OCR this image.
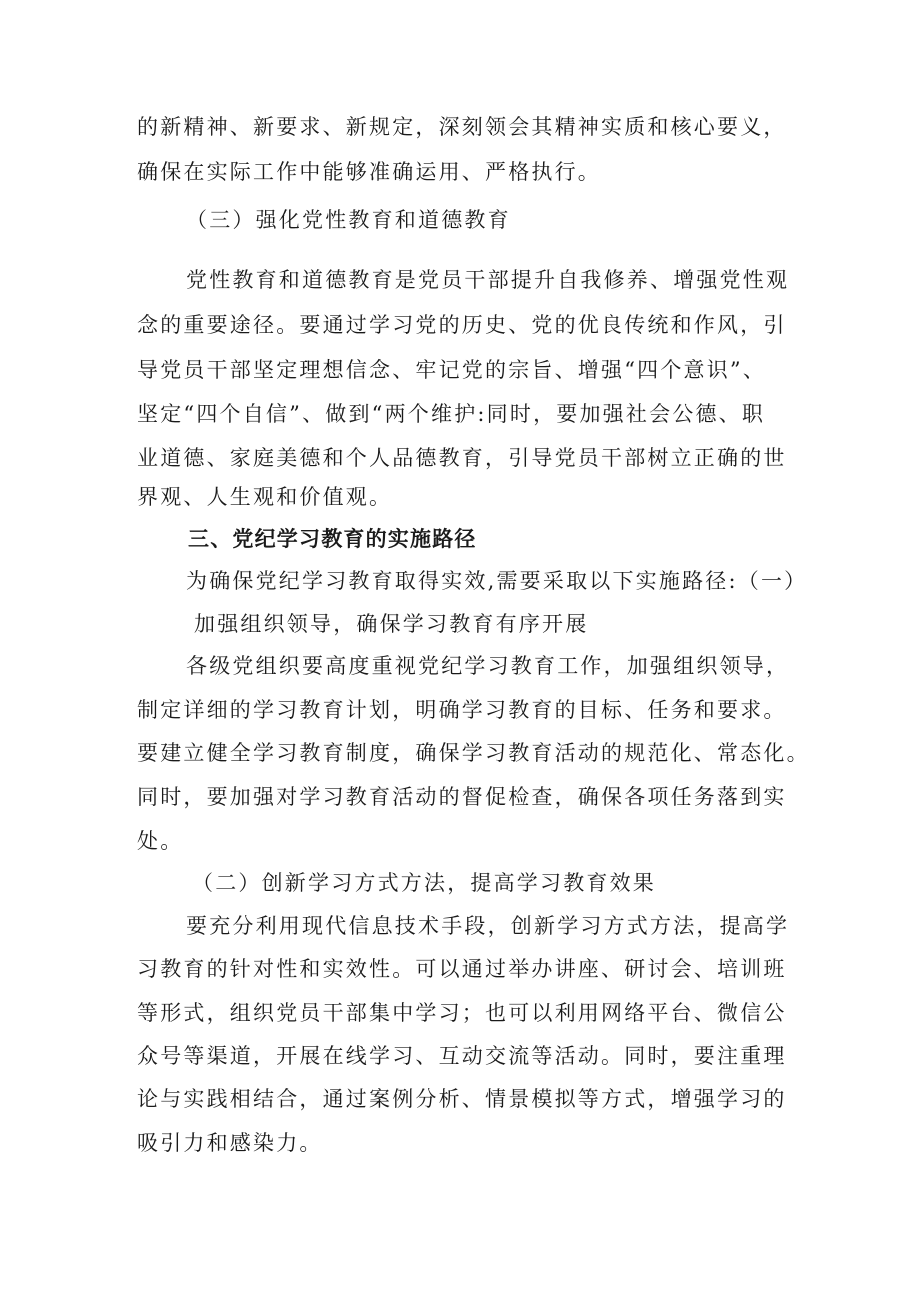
的新精神、新要求、新规定，深刻领会其精神实质和核心要义，
确保在实际工作中能够准确运用、严格执行。
（三）强化党性教育和道德教育
党性教育和道德教育是党员干部提升自我修养、增强党性观
念的重要途径。要通过学习党的历史、党的优良传统和作风，引
导党员干部坚定理想信念、牢记党的宗旨、增强“四个意识”、
坚定“四个自信”、做到“两个维护:同时，要加强社会公德、职
业道德、家庭美德和个人品德教育，引导党员干部树立正确的世
界观、人生观和价值观。
三、党纪学习教育的实施路径
为确保党纪学习教育取得实效,需要采取以下实施路径:（一）
加强组织领导，确保学习教育有序开展
各级党组织要高度重视党纪学习教育工作，加强组织领导，
制定详细的学习教育计划，明确学习教育的目标、任务和要求。
要建立健全学习教育制度，确保学习教育活动的规范化、常态化。
同时，要加强对学习教育活动的督促检查，确保各项任务落到实
处。
（二）创新学习方式方法，提高学习教育效果
要充分利用现代信息技术手段，创新学习方式方法，提高学
习教育的针对性和实效性。可以通过举办讲座、研讨会、培训班
等形式，组织党员干部集中学习；也可以利用网络平台、微信公
众号等渠道，开展在线学习、互动交流等活动。同时，要注重理
论与实践相结合，通过案例分析、情景模拟等方式，增强学习的
吸引力和感染力。
